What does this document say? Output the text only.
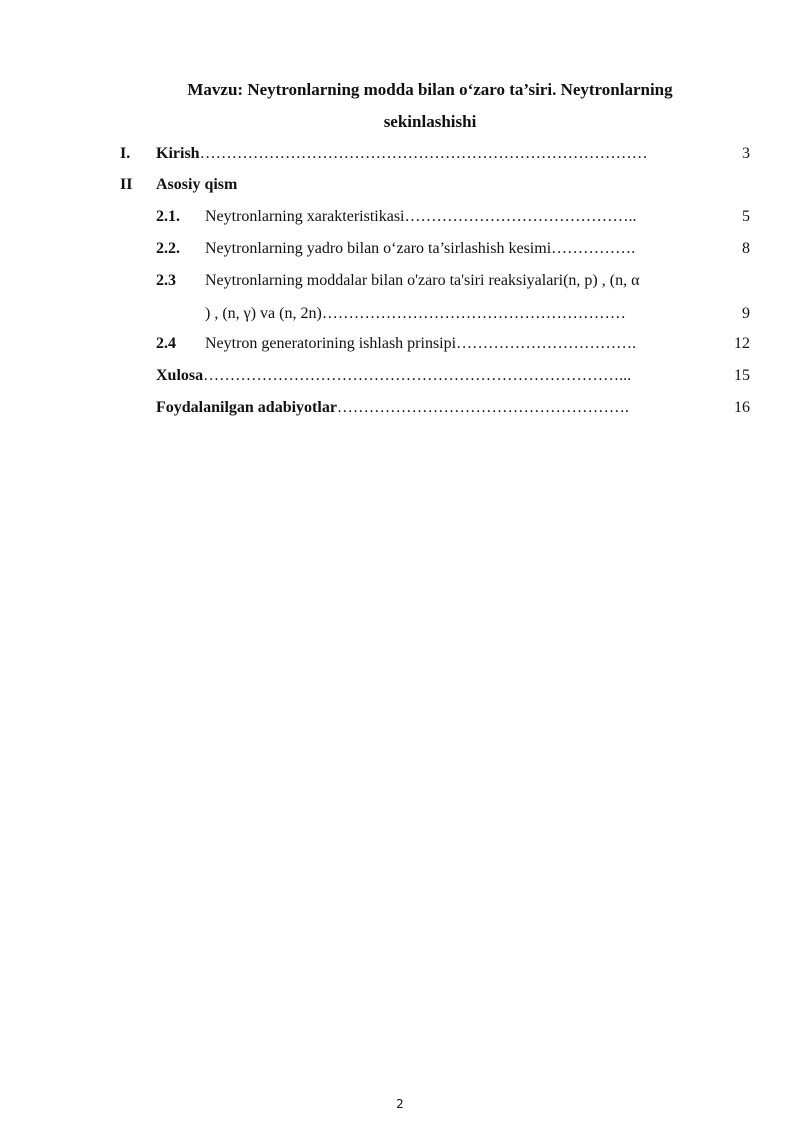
Mavzu: Neytronlarning modda bilan o‘zaro ta’siri. Neytronlarning
sekinlashishi
I. Kirish…………………………………………………………………………	3
II Asosiy qism
2.1. Neytronlarning xarakteristikasi……………………………………..	5
2.2. Neytronlarning yadro bilan o‘zaro ta’sirlashish kesimi…………….	8
2.3 Neytronlarning moddalar bilan o'zaro ta'siri reaksiyalari(n, p) , (n, α
) , (n, γ) va (n, 2n)…………………………………………………	9
2.4 Neytron generatorining ishlash prinsipi…………………………….	12
Xulosa……………………………………………………………………...	15
Foydalanilgan adabiyotlar……………………………………………….	16
2
